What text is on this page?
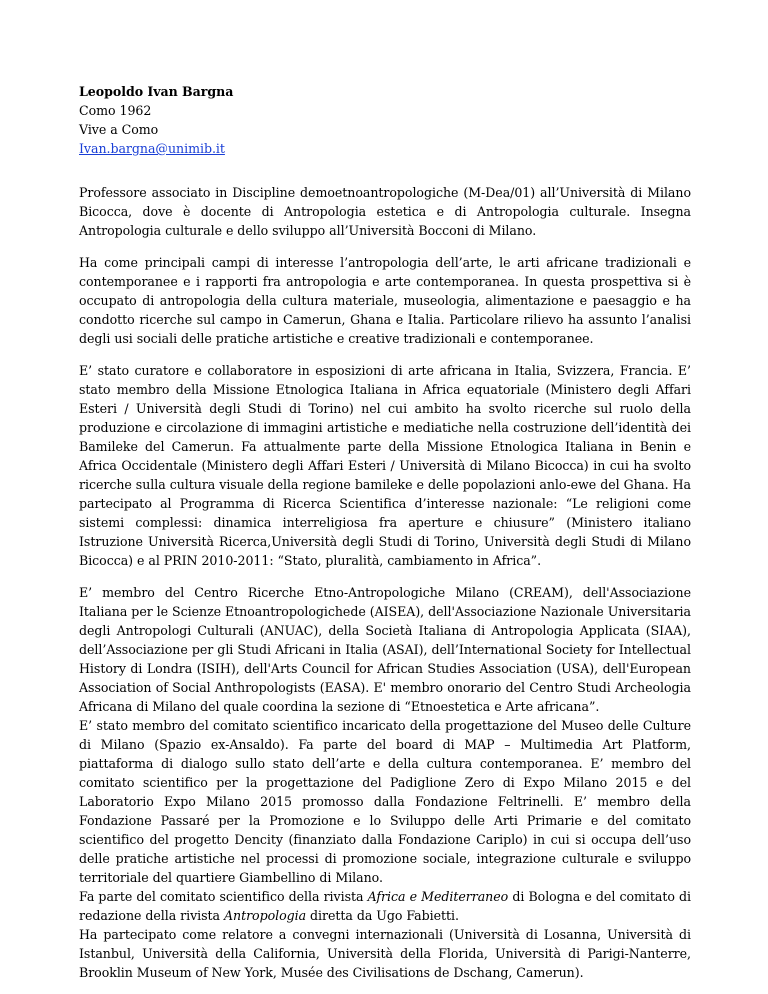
Leopoldo Ivan Bargna
Como 1962
Vive a Como
Ivan.bargna@unimib.it

Professore associato in Discipline demoetnoantropologiche (M-Dea/01) all’Università di Milano Bicocca, dove è docente di Antropologia estetica e di Antropologia culturale. Insegna Antropologia culturale e dello sviluppo all’Università Bocconi di Milano.

Ha come principali campi di interesse l’antropologia dell’arte, le arti africane tradizionali e contemporanee e i rapporti fra antropologia e arte contemporanea. In questa prospettiva si è occupato di antropologia della cultura materiale, museologia, alimentazione e paesaggio e ha condotto ricerche sul campo in Camerun, Ghana e Italia. Particolare rilievo ha assunto l’analisi degli usi sociali delle pratiche artistiche e creative tradizionali e contemporanee.

E’ stato curatore e collaboratore in esposizioni di arte africana in Italia, Svizzera, Francia. E’ stato membro della Missione Etnologica Italiana in Africa equatoriale (Ministero degli Affari Esteri / Università degli Studi di Torino) nel cui ambito ha svolto ricerche sul ruolo della produzione e circolazione di immagini artistiche e mediatiche nella costruzione dell’identità dei Bamileke del Camerun. Fa attualmente parte della Missione Etnologica Italiana in Benin e Africa Occidentale (Ministero degli Affari Esteri / Università di Milano Bicocca) in cui ha svolto ricerche sulla cultura visuale della regione bamileke e delle popolazioni anlo-ewe del Ghana. Ha partecipato al Programma di Ricerca Scientifica d’interesse nazionale: “Le religioni come sistemi complessi: dinamica interreligiosa fra aperture e chiusure” (Ministero italiano Istruzione Università Ricerca,Università degli Studi di Torino, Università degli Studi di Milano Bicocca) e al PRIN 2010-2011: “Stato, pluralità, cambiamento in Africa”.

E’ membro del Centro Ricerche Etno-Antropologiche Milano (CREAM), dell'Associazione Italiana per le Scienze Etnoantropologichede (AISEA), dell'Associazione Nazionale Universitaria degli Antropologi Culturali (ANUAC), della Società Italiana di Antropologia Applicata (SIAA), dell’Associazione per gli Studi Africani in Italia (ASAI), dell’International Society for Intellectual History di Londra (ISIH), dell'Arts Council for African Studies Association (USA), dell'European Association of Social Anthropologists (EASA). E' membro onorario del Centro Studi Archeologia Africana di Milano del quale coordina la sezione di “Etnoestetica e Arte africana”.

E’ stato membro del comitato scientifico incaricato della progettazione del Museo delle Culture di Milano (Spazio ex-Ansaldo). Fa parte del board di MAP – Multimedia Art Platform, piattaforma di dialogo sullo stato dell’arte e della cultura contemporanea. E’ membro del comitato scientifico per la progettazione del Padiglione Zero di Expo Milano 2015 e del Laboratorio Expo Milano 2015 promosso dalla Fondazione Feltrinelli. E’ membro della Fondazione Passaré per la Promozione e lo Sviluppo delle Arti Primarie e del comitato scientifico del progetto Dencity (finanziato dalla Fondazione Cariplo) in cui si occupa dell’uso delle pratiche artistiche nel processi di promozione sociale, integrazione culturale e sviluppo territoriale del quartiere Giambellino di Milano.

Fa parte del comitato scientifico della rivista Africa e Mediterraneo di Bologna e del comitato di redazione della rivista Antropologia diretta da Ugo Fabietti.

Ha partecipato come relatore a convegni internazionali (Università di Losanna, Università di Istanbul, Università della California, Università della Florida, Università di Parigi-Nanterre, Brooklin Museum of New York, Musée des Civilisations de Dschang, Camerun).
